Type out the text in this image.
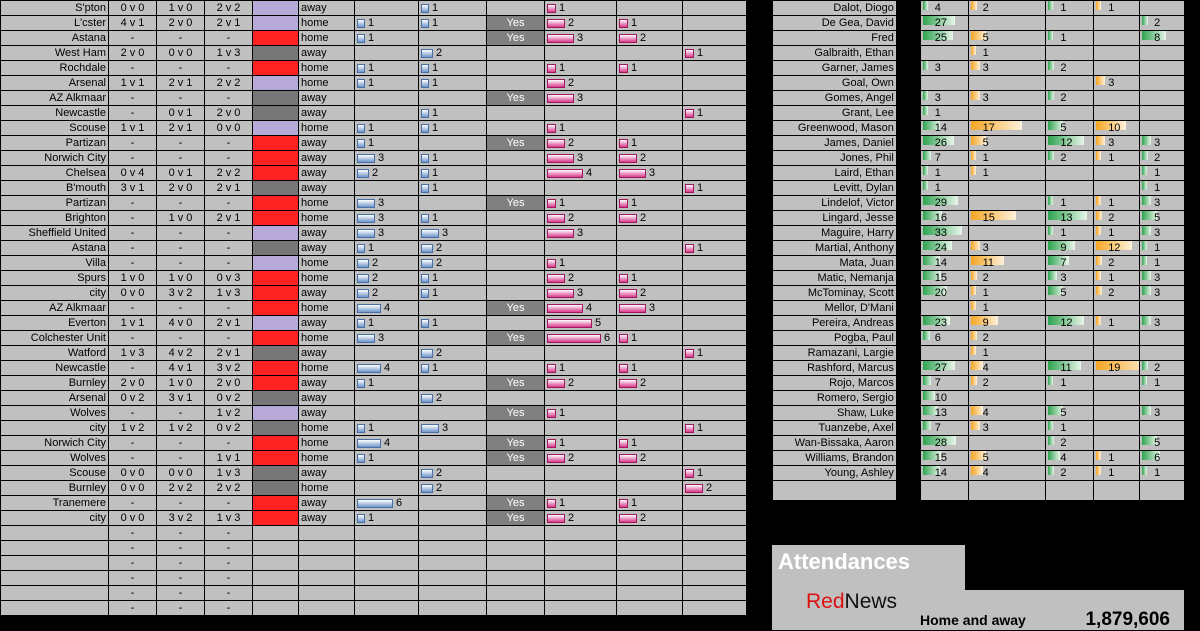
S'pton	0 v 0	1 v 0	2 v 2		away		1		1		
L'cster	4 v 1	2 v 0	2 v 1		home	1	1	Yes	2	1	
Astana	-	-	-		home	1		Yes	3	2	
West Ham	2 v 0	0 v 0	1 v 3		away		2				1
Rochdale	-	-	-		home	1	1		1	1	
Arsenal	1 v 1	2 v 1	2 v 2		home	1	1		2		
AZ Alkmaar	-	-	-		away			Yes	3		
Newcastle	-	0 v 1	2 v 0		away		1				1
Scouse	1 v 1	2 v 1	0 v 0		home	1	1		1		
Partizan	-	-	-		away	1		Yes	2	1	
Norwich City	-	-	-		away	3	1		3	2	
Chelsea	0 v 4	0 v 1	2 v 2		away	2	1		4	3	
B'mouth	3 v 1	2 v 0	2 v 1		away		1				1
Partizan	-	-	-		home	3		Yes	1	1	
Brighton	-	1 v 0	2 v 1		home	3	1		2	2	
Sheffield United	-	-	-		away	3	3		3		
Astana	-	-	-		away	1	2				1
Villa	-	-	-		home	2	2		1		
Spurs	1 v 0	1 v 0	0 v 3		home	2	1		2	1	
city	0 v 0	3 v 2	1 v 3		away	2	1		3	2	
AZ Alkmaar	-	-	-		home	4		Yes	4	3	
Everton	1 v 1	4 v 0	2 v 1		away	1	1		5		
Colchester Unit	-	-	-		home	3		Yes	6	1	
Watford	1 v 3	4 v 2	2 v 1		away		2				1
Newcastle	-	4 v 1	3 v 2		home	4	1		1	1	
Burnley	2 v 0	1 v 0	2 v 0		away	1		Yes	2	2	
Arsenal	0 v 2	3 v 1	0 v 2		away		2				
Wolves	-	-	1 v 2		away			Yes	1		
city	1 v 2	1 v 2	0 v 2		home	1	3				1
Norwich City	-	-	-		home	4		Yes	1	1	
Wolves	-	-	1 v 1		home	1		Yes	2	2	
Scouse	0 v 0	0 v 0	1 v 3		away		2				1
Burnley	0 v 0	2 v 2	2 v 2		home		2				2
Tranemere	-	-	-		away	6		Yes	1	1	
city	0 v 0	3 v 2	1 v 3		away	1		Yes	2	2	
	-	-	-								
	-	-	-								
	-	-	-								
	-	-	-								
	-	-	-								
	-	-	-								
Dalot, Diogo		4	2	1	1	
De Gea, David		27				2
Fred		25	5	1		8
Galbraith, Ethan			1			
Garner, James		3	3	2		
Goal, Own					3	
Gomes, Angel		3	3	2		
Grant, Lee		1				
Greenwood, Mason		14	17	5	10	
James, Daniel		26	5	12	3	3
Jones, Phil		7	1	2	1	2
Laird, Ethan		1	1			1
Levitt, Dylan		1				1
Lindelof, Victor		29		1	1	3
Lingard, Jesse		16	15	13	2	5
Maguire, Harry		33		1	1	3
Martial, Anthony		24	3	9	12	1
Mata, Juan		14	11	7	2	1
Matic, Nemanja		15	2	3	1	3
McTominay, Scott		20	1	5	2	3
Mellor, D'Mani			1			
Pereira, Andreas		23	9	12	1	3
Pogba, Paul		6	2			
Ramazani, Largie			1			
Rashford, Marcus		27	4	11	19	2
Rojo, Marcos		7	2	1		1
Romero, Sergio		10				
Shaw, Luke		13	4	5		3
Tuanzebe, Axel		7	3	1		
Wan-Bissaka, Aaron		28		2		5
Williams, Brandon		15	5	4	1	6
Young, Ashley		14	4	2	1	1

Attendances
RedNews
Home and away	1,879,606
